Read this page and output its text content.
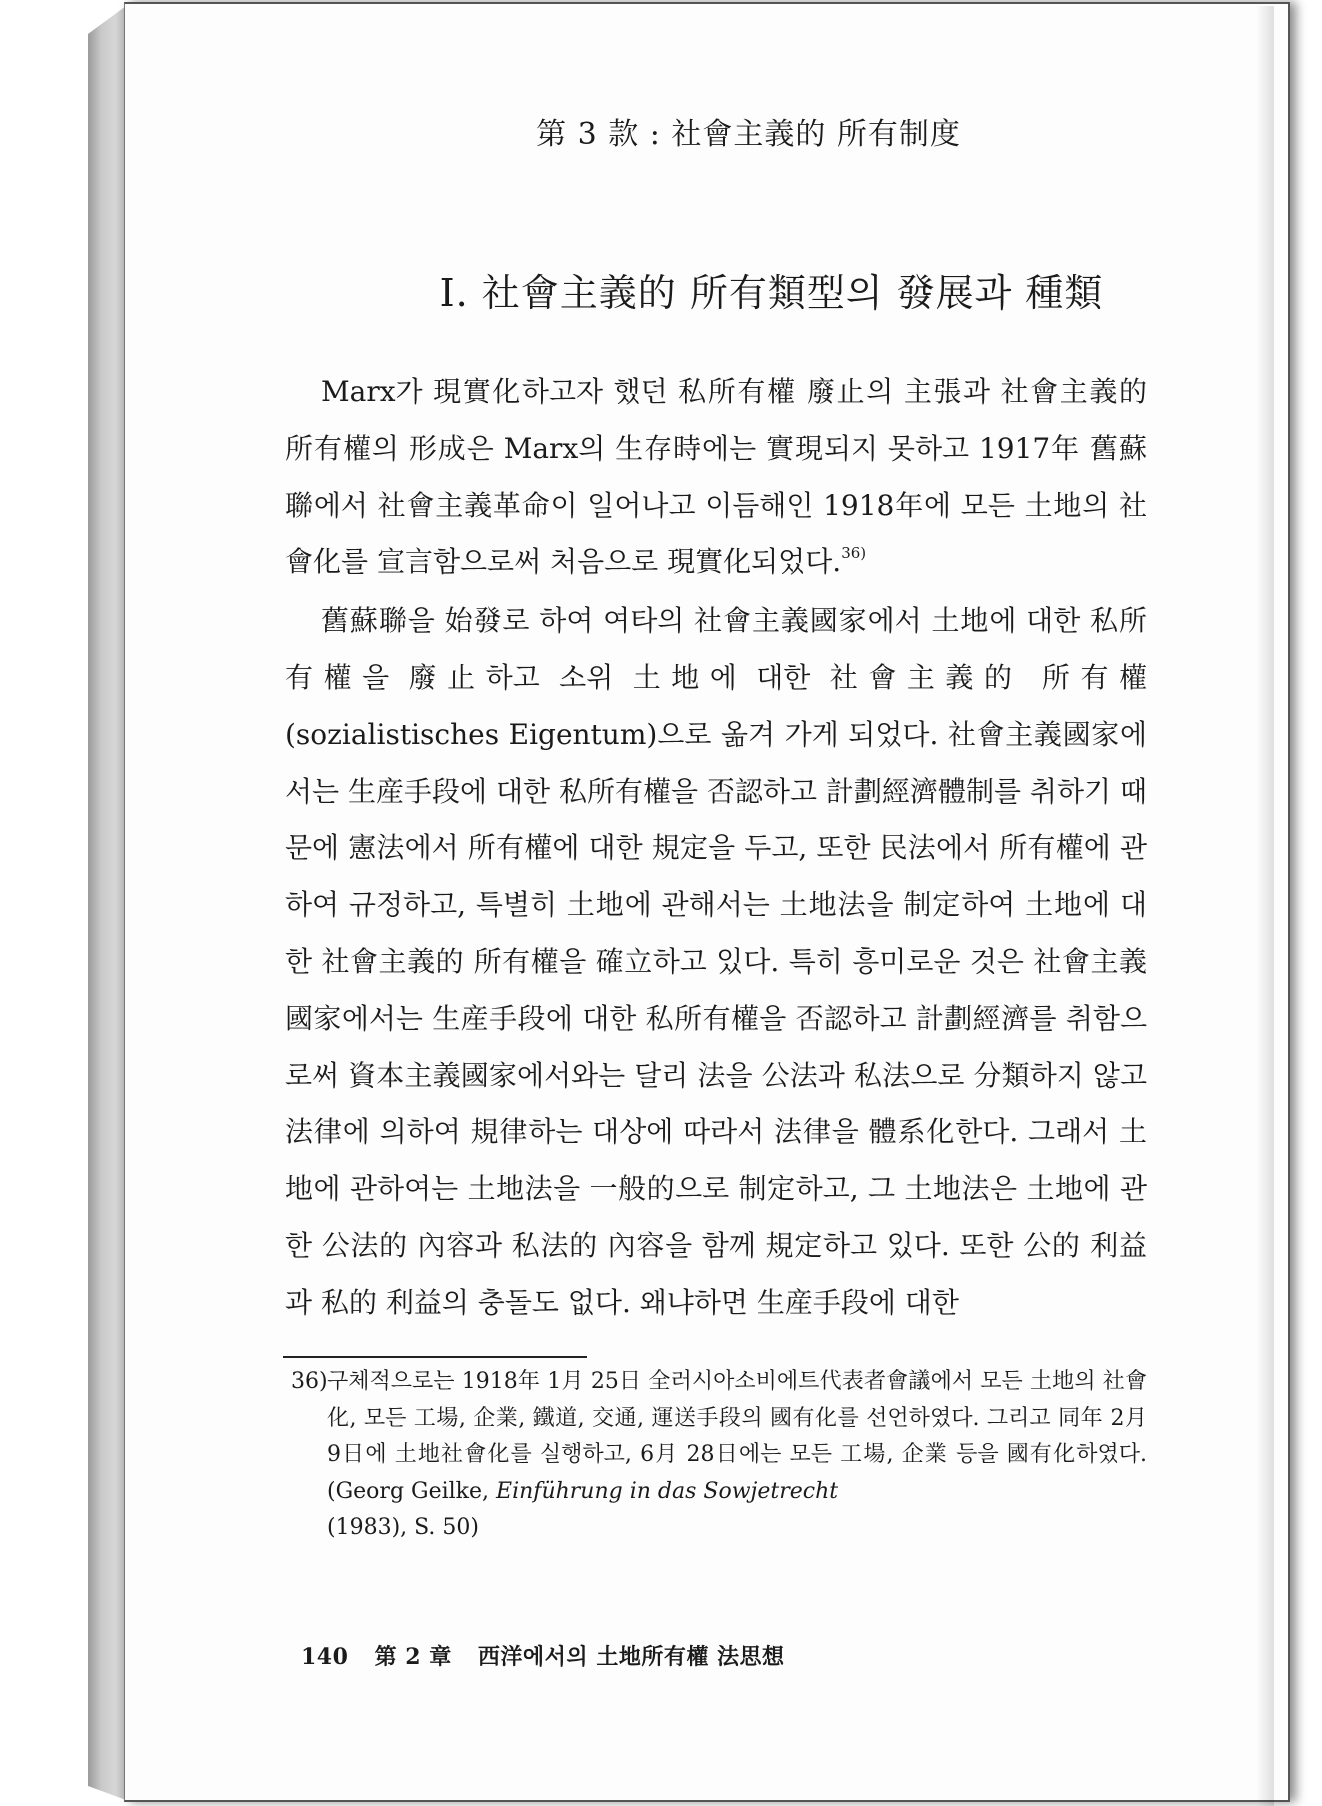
第 3 款 : 社會主義的 所有制度
Ⅰ. 社會主義的 所有類型의 發展과 種類

Marx가 現實化하고자 했던 私所有權 廢止의 主張과 社會主義的 所有權의 形成은 Marx의 生存時에는 實現되지 못하고 1917年 舊蘇聯에서 社會主義革命이 일어나고 이듬해인 1918年에 모든 土地의 社會化를 宣言함으로써 처음으로 現實化되었다.$^{36)}$

舊蘇聯을 始發로 하여 여타의 社會主義國家에서 土地에 대한 私所有權을 廢止하고 소위 土地에 대한 社會主義的 所有權(sozialistisches Eigentum)으로 옮겨 가게 되었다. 社會主義國家에서는 生産手段에 대한 私所有權을 否認하고 計劃經濟體制를 취하기 때문에 憲法에서 所有權에 대한 規定을 두고, 또한 民法에서 所有權에 관하여 규정하고, 특별히 土地에 관해서는 土地法을 制定하여 土地에 대한 社會主義的 所有權을 確立하고 있다. 특히 흥미로운 것은 社會主義國家에서는 生産手段에 대한 私所有權을 否認하고 計劃經濟를 취함으로써 資本主義國家에서와는 달리 法을 公法과 私法으로 分類하지 않고 法律에 의하여 規律하는 대상에 따라서 法律을 體系化한다. 그래서 土地에 관하여는 土地法을 一般的으로 制定하고, 그 土地法은 土地에 관한 公法的 內容과 私法的 內容을 함께 規定하고 있다. 또한 公的 利益과 私的 利益의 충돌도 없다. 왜냐하면 生産手段에 대한

36) 구체적으로는 1918年 1月 25日 全러시아소비에트代表者會議에서 모든 土地의 社會化, 모든 工場, 企業, 鐵道, 交通, 運送手段의 國有化를 선언하였다. 그리고 同年 2月 9日에 土地社會化를 실행하고, 6月 28日에는 모든 工場, 企業 등을 國有化하였다. (Georg Geilke, Einführung in das Sowjetrecht
(1983), S. 50)
140 第 2 章 西洋에서의 土地所有權 法思想
